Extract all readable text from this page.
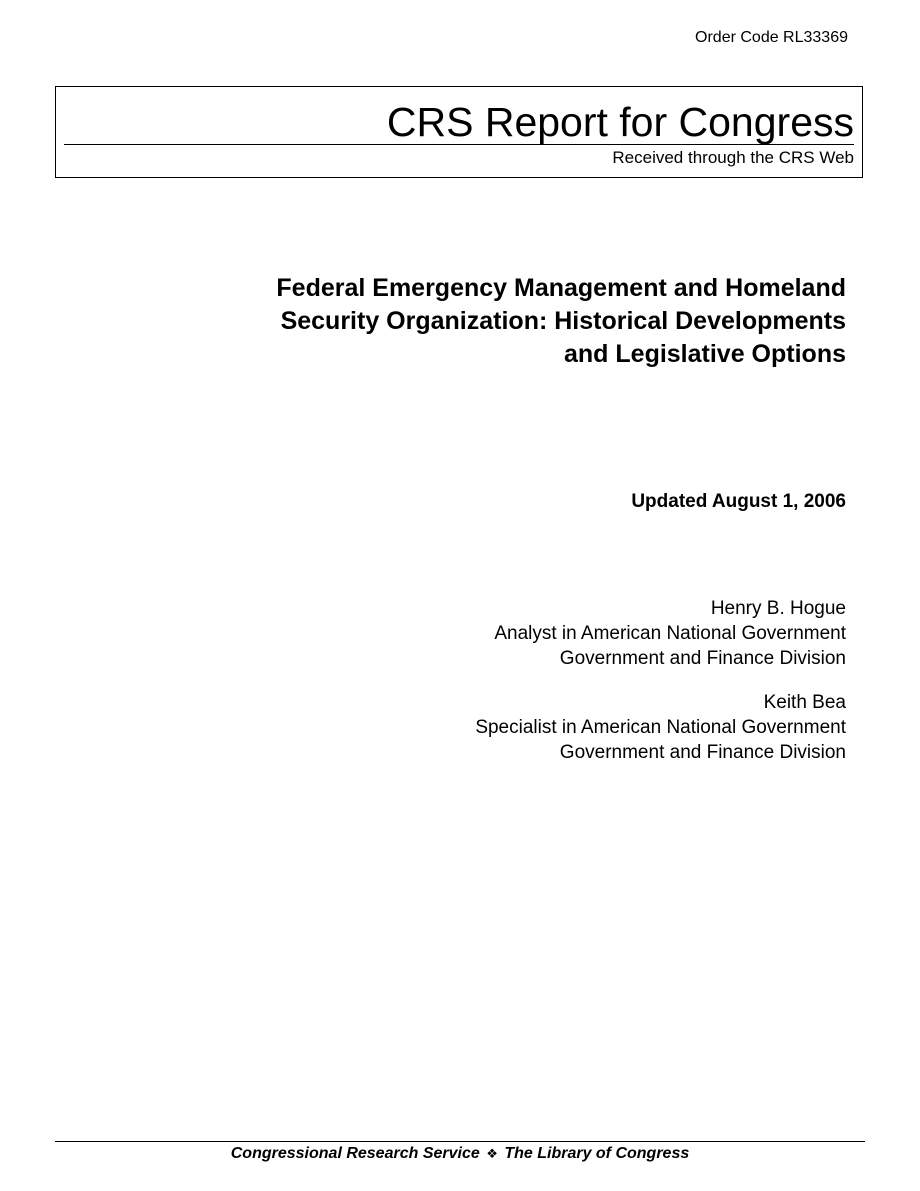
Order Code RL33369
CRS Report for Congress
Received through the CRS Web
Federal Emergency Management and Homeland
Security Organization: Historical Developments
and Legislative Options
Updated August 1, 2006
Henry B. Hogue
Analyst in American National Government
Government and Finance Division
Keith Bea
Specialist in American National Government
Government and Finance Division
Congressional Research Service ❖ The Library of Congress
